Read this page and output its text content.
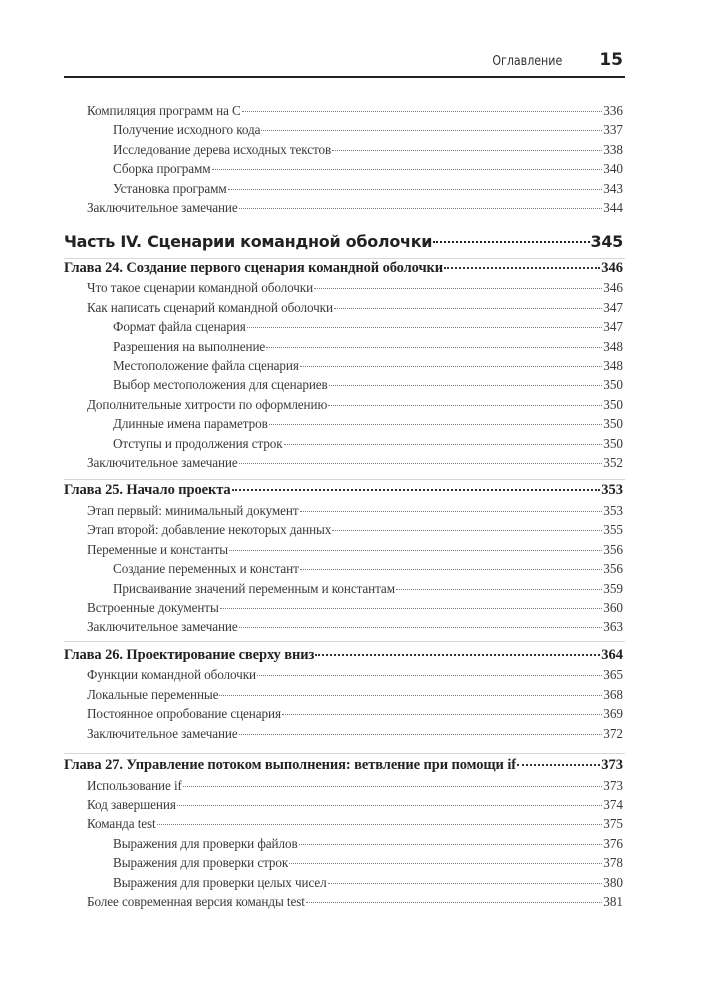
Оглавление 15
Компиляция программ на С	336
Получение исходного кода	337
Исследование дерева исходных текстов	338
Сборка программ	340
Установка программ	343
Заключительное замечание	344
Часть IV. Сценарии командной оболочки	345
Глава 24. Создание первого сценария командной оболочки	346
Что такое сценарии командной оболочки	346
Как написать сценарий командной оболочки	347
Формат файла сценария	347
Разрешения на выполнение	348
Местоположение файла сценария	348
Выбор местоположения для сценариев	350
Дополнительные хитрости по оформлению	350
Длинные имена параметров	350
Отступы и продолжения строк	350
Заключительное замечание	352
Глава 25. Начало проекта	353
Этап первый: минимальный документ	353
Этап второй: добавление некоторых данных	355
Переменные и константы	356
Создание переменных и констант	356
Присваивание значений переменным и константам	359
Встроенные документы	360
Заключительное замечание	363
Глава 26. Проектирование сверху вниз	364
Функции командной оболочки	365
Локальные переменные	368
Постоянное опробование сценария	369
Заключительное замечание	372
Глава 27. Управление потоком выполнения: ветвление при помощи if	373
Использование if	373
Код завершения	374
Команда test	375
Выражения для проверки файлов	376
Выражения для проверки строк	378
Выражения для проверки целых чисел	380
Более современная версия команды test	381
